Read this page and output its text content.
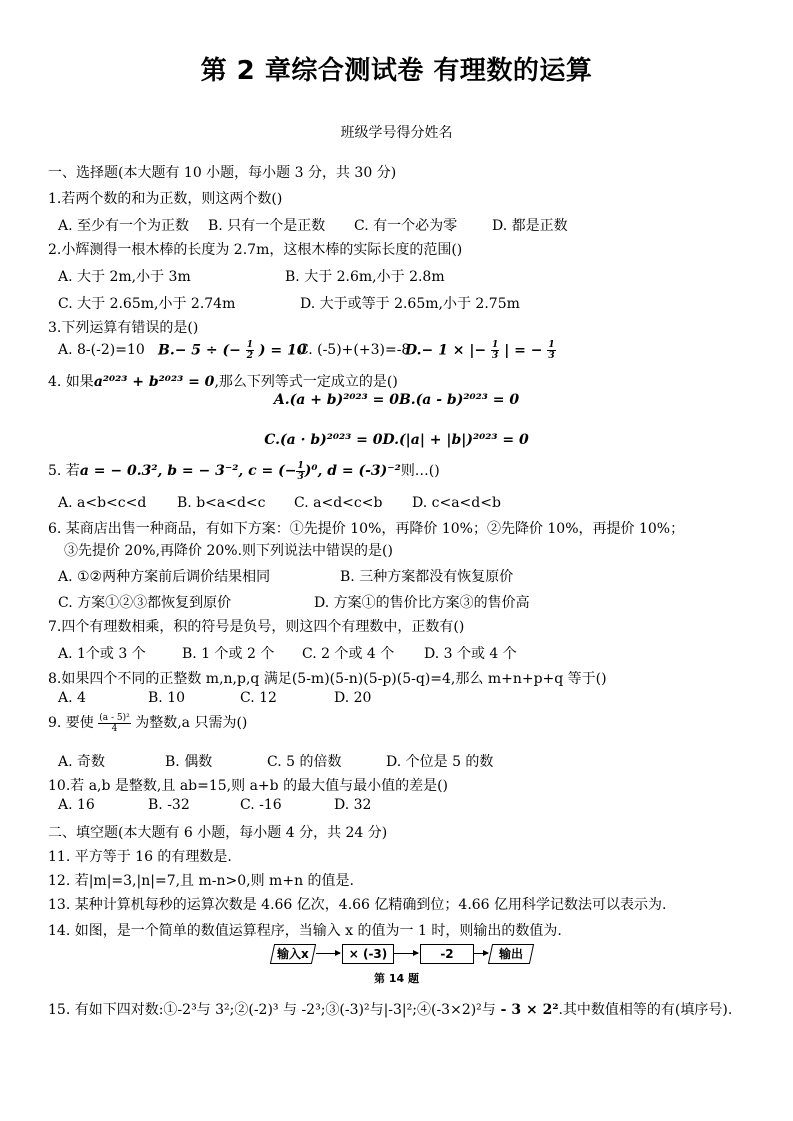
第 2 章综合测试卷 有理数的运算
班级学号得分姓名
一、选择题(本大题有 10 小题，每小题 3 分，共 30 分)
1.若两个数的和为正数，则这两个数()
A. 至少有一个为正数 B. 只有一个是正数 C. 有一个必为零 D. 都是正数
2.小辉测得一根木棒的长度为 2.7m，这根木棒的实际长度的范围()
A. 大于 2m,小于 3m	B. 大于 2.6m,小于 2.8m
C. 大于 2.65m,小于 2.74m	D. 大于或等于 2.65m,小于 2.75m
3.下列运算有错误的是()
A. 8-(-2)=10 B.− 5 ÷ (− $\frac{1}{2}$ ) = 10
C. (-5)+(+3)=-8
D.− 1 × |− $\frac{1}{3}$ | = − $\frac{1}{3}$
4. 如果a²⁰²³ + b²⁰²³ = 0,那么下列等式一定成立的是()
A.(a + b)²⁰²³ = 0B.(a - b)²⁰²³ = 0
C.(a · b)²⁰²³ = 0D.(|a| + |b|)²⁰²³ = 0
5. 若a = − 0.3², b = − 3⁻², c = (− $\frac{1}{3} )^0$, d = (-3)⁻²则…()
A. a<b<c<d B. b<a<d<c C. a<d<c<b D. c<a<d<b
6. 某商店出售一种商品，有如下方案：①先提价 10%，再降价 10%；②先降价 10%，再提价 10%；
③先提价 20%,再降价 20%.则下列说法中错误的是()
A. ①②两种方案前后调价结果相同	B. 三种方案都没有恢复原价
C. 方案①②③都恢复到原价	D. 方案①的售价比方案③的售价高
7.四个有理数相乘，积的符号是负号，则这四个有理数中，正数有()
A. 1个或 3 个	B. 1 个或 2 个 C. 2 个或 4 个 D. 3 个或 4 个
8.如果四个不同的正整数 m,n,p,q 满足(5-m)(5-n)(5-p)(5-q)=4,那么 m+n+p+q 等于()
A. 4	B. 10	C. 12	D. 20
9. 要使 $\frac{\text{(a - 5)²}}{4}$ 为整数,a 只需为()
A. 奇数	B. 偶数	C. 5 的倍数	D. 个位是 5 的数
10.若 a,b 是整数,且 ab=15,则 a+b 的最大值与最小值的差是()
A. 16	B. -32	C. -16	D. 32
二、填空题(本大题有 6 小题，每小题 4 分，共 24 分)
11. 平方等于 16 的有理数是.
12. 若|m|=3,|n|=7,且 m-n>0,则 m+n 的值是.
13. 某种计算机每秒的运算次数是 4.66 亿次，4.66 亿精确到位；4.66 亿用科学记数法可以表示为.
14. 如图，是一个简单的数值运算程序，当输入 x 的值为一 1 时，则输出的数值为.
输入x	× (-3)	-2	输出
第 14 题
15. 有如下四对数:①-2³与 3²;②(-2)³ 与 -2³;③(-3)²与|-3|²;④(-3×2)²与 - 3 × 2².其中数值相等的有(填序号).
